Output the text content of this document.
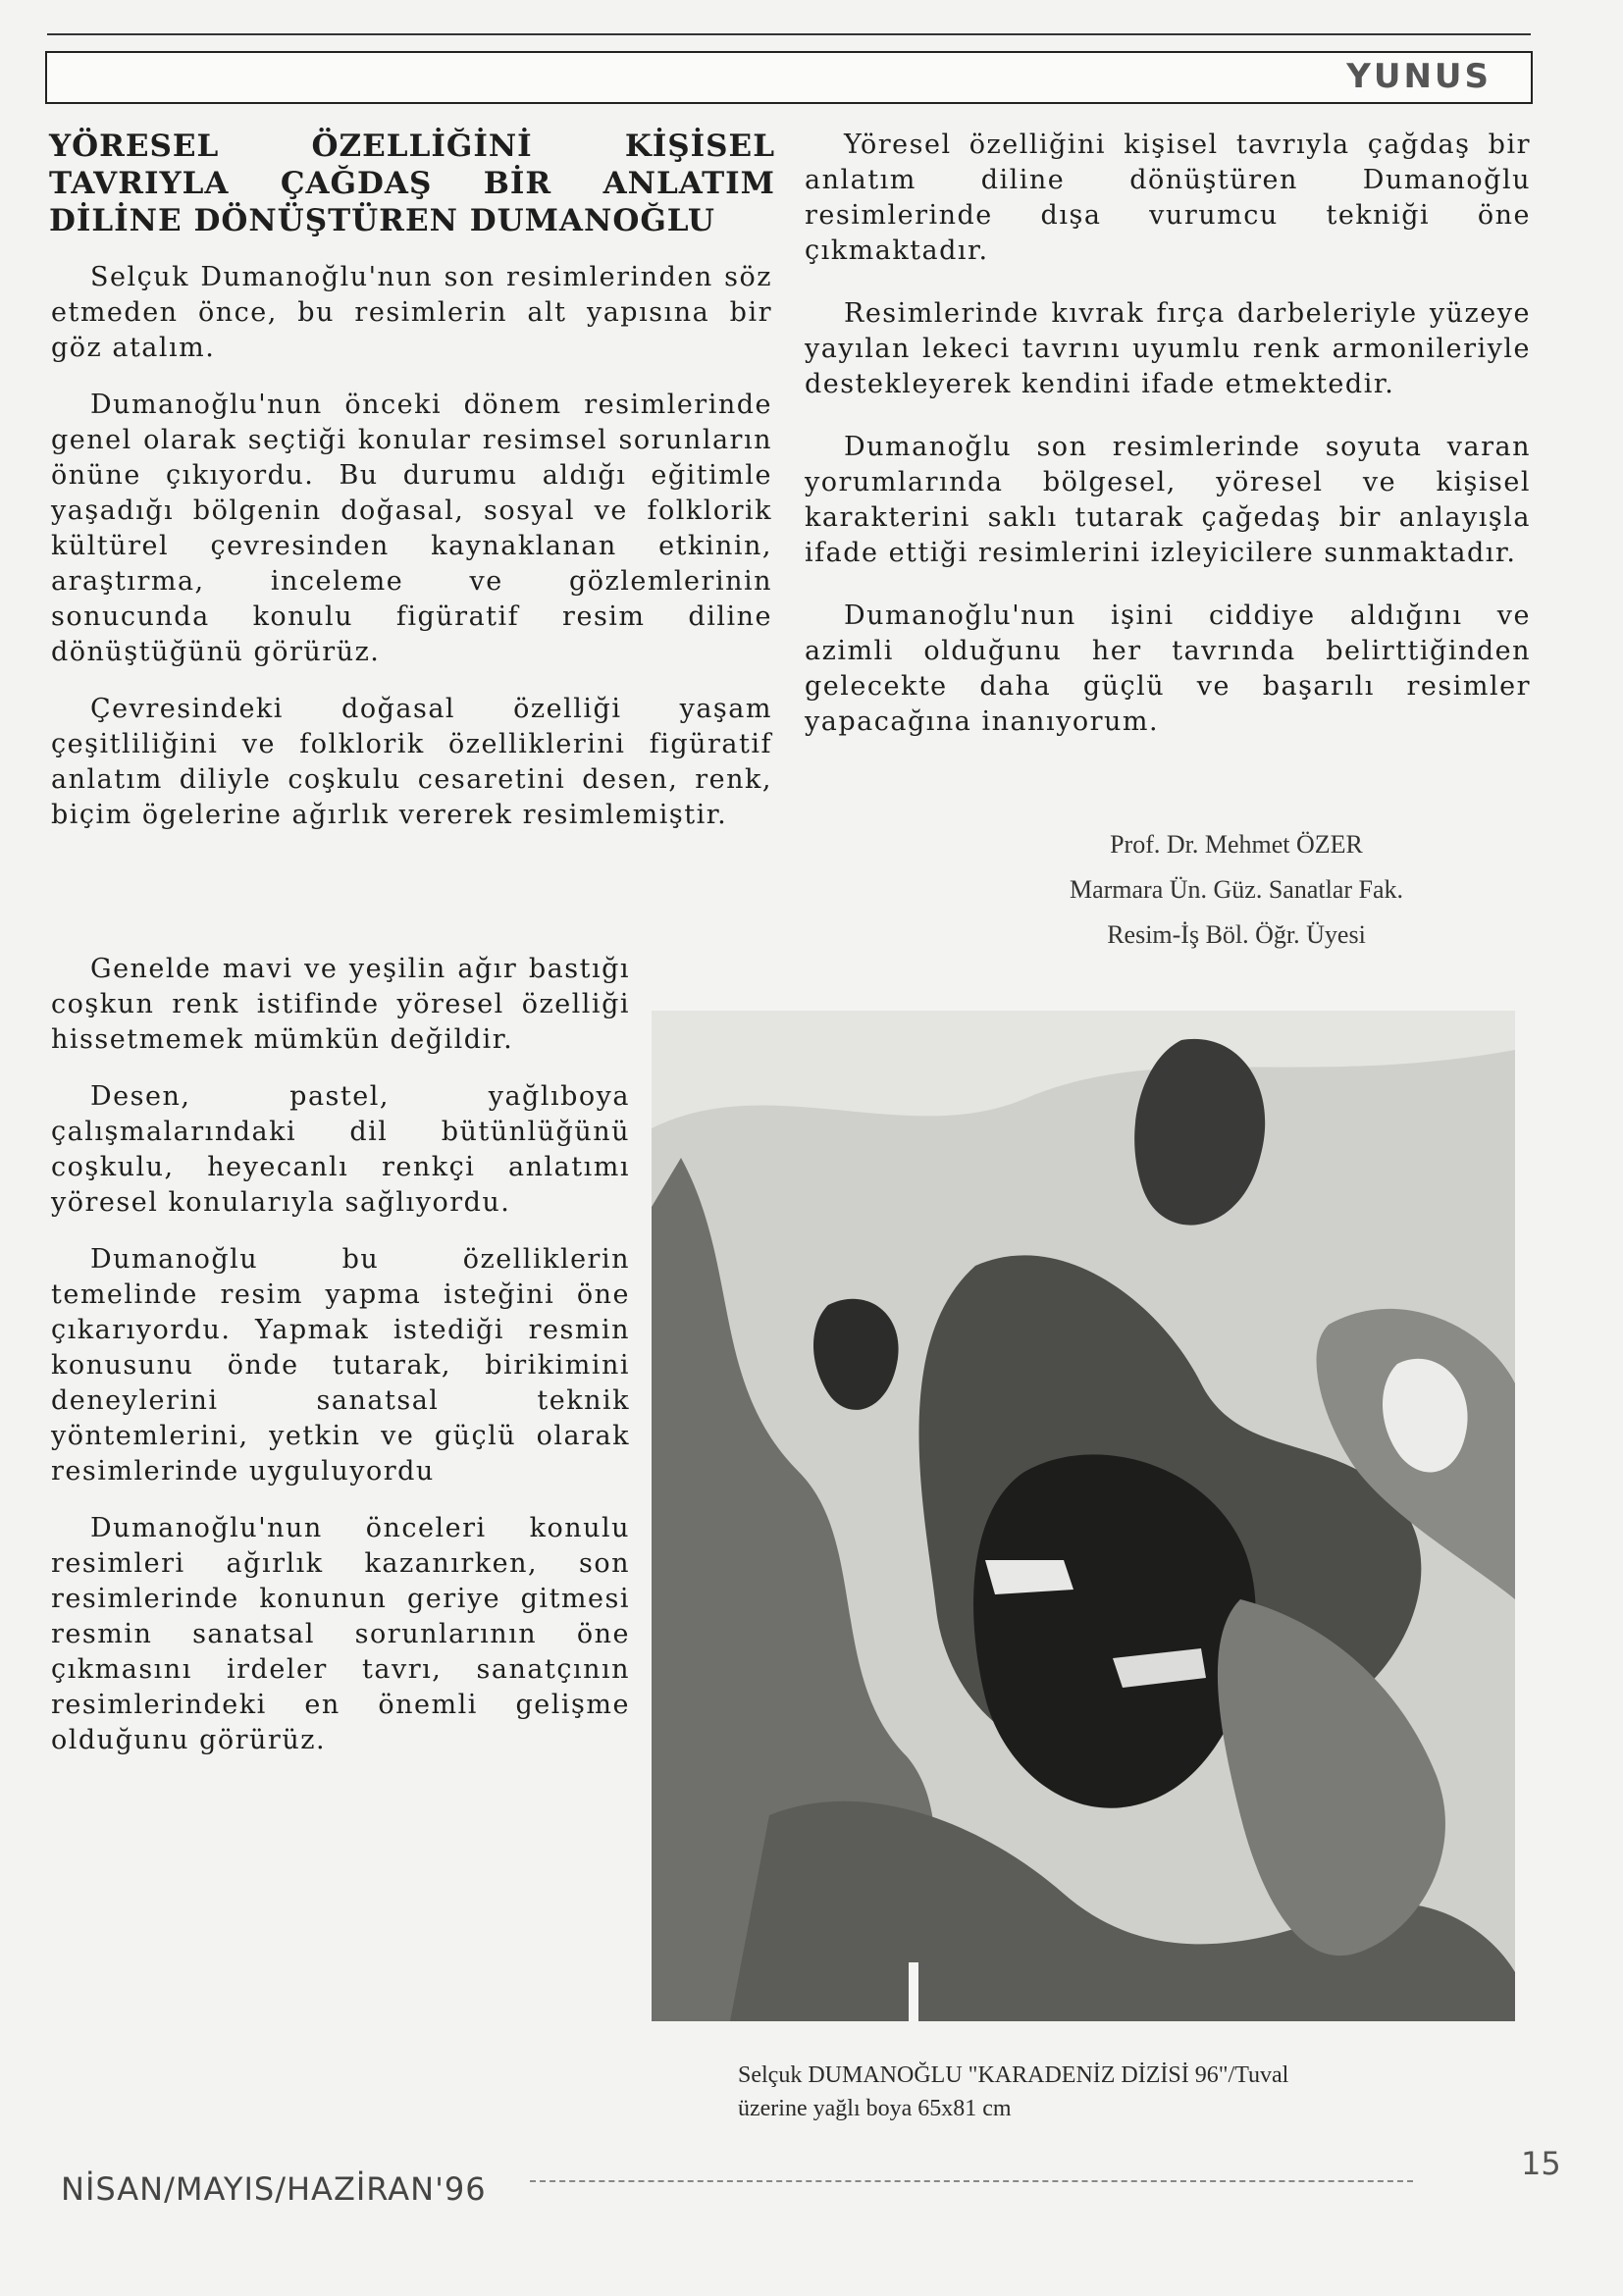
YUNUS
YÖRESEL ÖZELLİĞİNİ KİŞİSEL TAVRIYLA ÇAĞDAŞ BİR ANLATIM DİLİNE DÖNÜŞTÜREN DUMANOĞLU

Selçuk Dumanoğlu'nun son resimlerinden söz etmeden önce, bu resimlerin alt yapısına bir göz atalım.

Dumanoğlu'nun önceki dönem resimlerinde genel olarak seçtiği konular resimsel sorunların önüne çıkıyordu. Bu durumu aldığı eğitimle yaşadığı bölgenin doğasal, sosyal ve folklorik kültürel çevresinden kaynaklanan etkinin, araştırma, inceleme ve gözlemlerinin sonucunda konulu figüratif resim diline dönüştüğünü görürüz.

Çevresindeki doğasal özelliği yaşam çeşitliliğini ve folklorik özelliklerini figüratif anlatım diliyle coşkulu cesaretini desen, renk, biçim ögelerine ağırlık vererek resimlemiştir.

Genelde mavi ve yeşilin ağır bastığı coşkun renk istifinde yöresel özelliği hissetmemek mümkün değildir.

Desen, pastel, yağlıboya çalışmalarındaki dil bütünlüğünü coşkulu, heyecanlı renkçi anlatımı yöresel konularıyla sağlıyordu.

Dumanoğlu bu özelliklerin temelinde resim yapma isteğini öne çıkarıyordu. Yapmak istediği resmin konusunu önde tutarak, birikimini deneylerini sanatsal teknik yöntemlerini, yetkin ve güçlü olarak resimlerinde uyguluyordu

Dumanoğlu'nun önceleri konulu resimleri ağırlık kazanırken, son resimlerinde konunun geriye gitmesi resmin sanatsal sorunlarının öne çıkmasını irdeler tavrı, sanatçının resimlerindeki en önemli gelişme olduğunu görürüz.

Yöresel özelliğini kişisel tavrıyla çağdaş bir anlatım diline dönüştüren Dumanoğlu resimlerinde dışa vurumcu tekniği öne çıkmaktadır.

Resimlerinde kıvrak fırça darbeleriyle yüzeye yayılan lekeci tavrını uyumlu renk armonileriyle destekleyerek kendini ifade etmektedir.

Dumanoğlu son resimlerinde soyuta varan yorumlarında bölgesel, yöresel ve kişisel karakterini saklı tutarak çağedaş bir anlayışla ifade ettiği resimlerini izleyicilere sunmaktadır.

Dumanoğlu'nun işini ciddiye aldığını ve azimli olduğunu her tavrında belirttiğinden gelecekte daha güçlü ve başarılı resimler yapacağına inanıyorum.

Prof. Dr. Mehmet ÖZER
Marmara Ün. Güz. Sanatlar Fak.
Resim-İş Böl. Öğr. Üyesi
Selçuk DUMANOĞLU "KARADENİZ DİZİSİ 96"/Tuval
üzerine yağlı boya 65x81 cm
NİSAN/MAYIS/HAZİRAN'96
15
